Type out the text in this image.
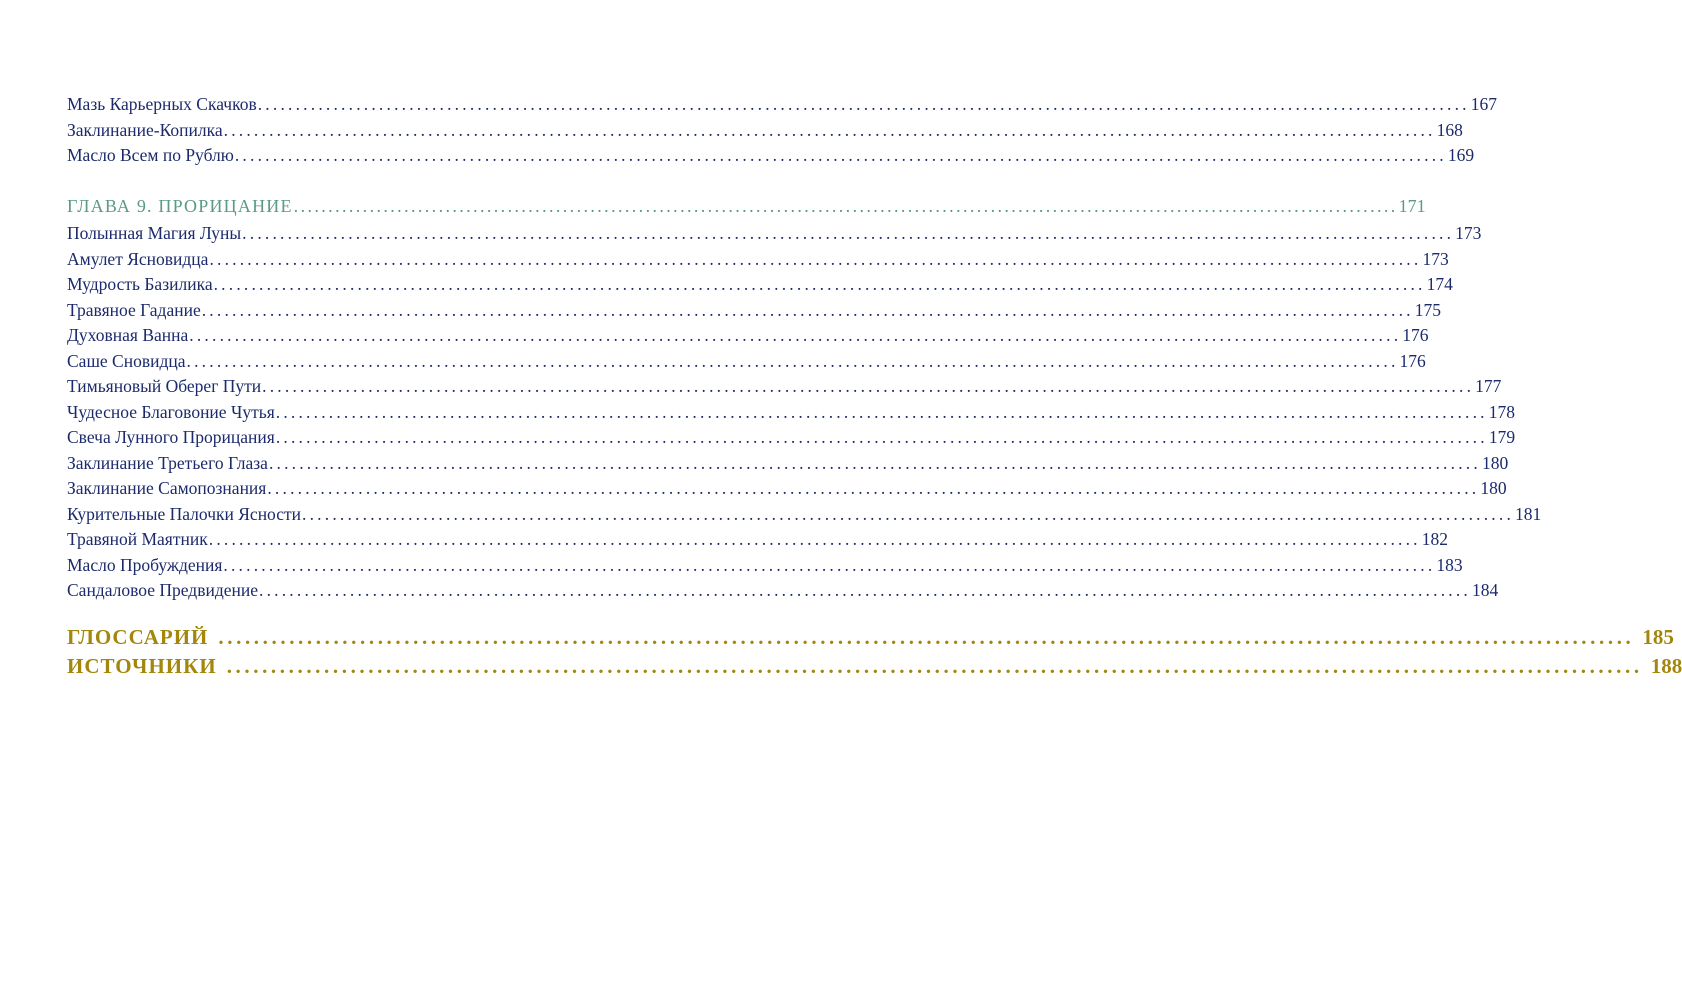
Мазь Карьерных Скачков ................................................................................................................................................................ 167
Заклинание-Копилка ................................................................................................................................................................ 168
Масло Всем по Рублю ................................................................................................................................................................ 169
ГЛАВА 9. ПРОРИЦАНИЕ ................................................................................................................................................................ 171
Полынная Магия Луны ................................................................................................................................................................ 173
Амулет Ясновидца ................................................................................................................................................................ 173
Мудрость Базилика ................................................................................................................................................................ 174
Травяное Гадание ................................................................................................................................................................ 175
Духовная Ванна ................................................................................................................................................................ 176
Саше Сновидца ................................................................................................................................................................ 176
Тимьяновый Оберег Пути ................................................................................................................................................................ 177
Чудесное Благовоние Чутья ................................................................................................................................................................ 178
Свеча Лунного Прорицания ................................................................................................................................................................ 179
Заклинание Третьего Глаза ................................................................................................................................................................ 180
Заклинание Самопознания ................................................................................................................................................................ 180
Курительные Палочки Ясности ................................................................................................................................................................ 181
Травяной Маятник ................................................................................................................................................................ 182
Масло Пробуждения ................................................................................................................................................................ 183
Сандаловое Предвидение ................................................................................................................................................................ 184
ГЛОССАРИЙ ................................................................................................................................................................ 185
ИСТОЧНИКИ ................................................................................................................................................................ 188
